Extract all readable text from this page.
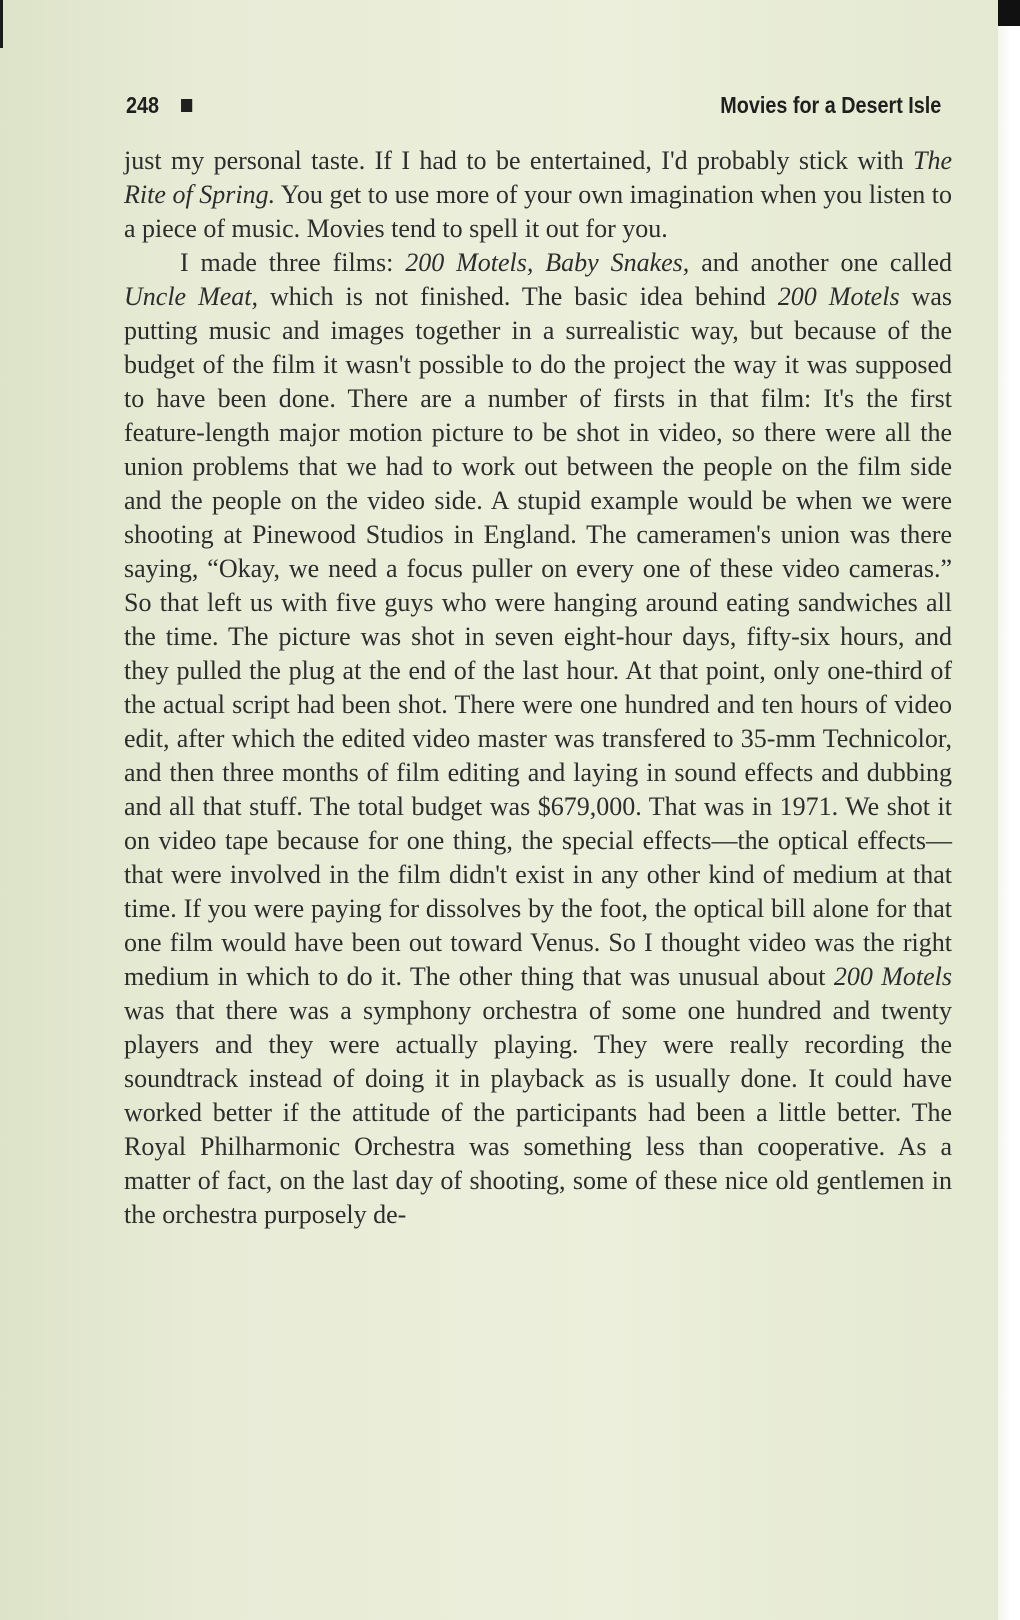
248	Movies for a Desert Isle

just my personal taste. If I had to be entertained, I'd probably stick with The Rite of Spring. You get to use more of your own imagination when you listen to a piece of music. Movies tend to spell it out for you.

I made three films: 200 Motels, Baby Snakes, and another one called Uncle Meat, which is not finished. The basic idea behind 200 Motels was putting music and images together in a surrealistic way, but because of the budget of the film it wasn't possible to do the project the way it was supposed to have been done. There are a number of firsts in that film: It's the first feature-length major motion picture to be shot in video, so there were all the union problems that we had to work out between the people on the film side and the people on the video side. A stupid example would be when we were shooting at Pinewood Studios in England. The cameramen's union was there saying, “Okay, we need a focus puller on every one of these video cameras.” So that left us with five guys who were hanging around eating sandwiches all the time. The picture was shot in seven eight-hour days, fifty-six hours, and they pulled the plug at the end of the last hour. At that point, only one-third of the actual script had been shot. There were one hundred and ten hours of video edit, after which the edited video master was transfered to 35-mm Technicolor, and then three months of film editing and laying in sound effects and dubbing and all that stuff. The total budget was $679,000. That was in 1971. We shot it on video tape because for one thing, the special effects—the optical effects—that were involved in the film didn't exist in any other kind of medium at that time. If you were paying for dissolves by the foot, the optical bill alone for that one film would have been out toward Venus. So I thought video was the right medium in which to do it. The other thing that was unusual about 200 Motels was that there was a symphony orchestra of some one hundred and twenty players and they were actually playing. They were really recording the soundtrack instead of doing it in playback as is usually done. It could have worked better if the attitude of the participants had been a little better. The Royal Philharmonic Orchestra was something less than cooperative. As a matter of fact, on the last day of shooting, some of these nice old gentlemen in the orchestra purposely de-
